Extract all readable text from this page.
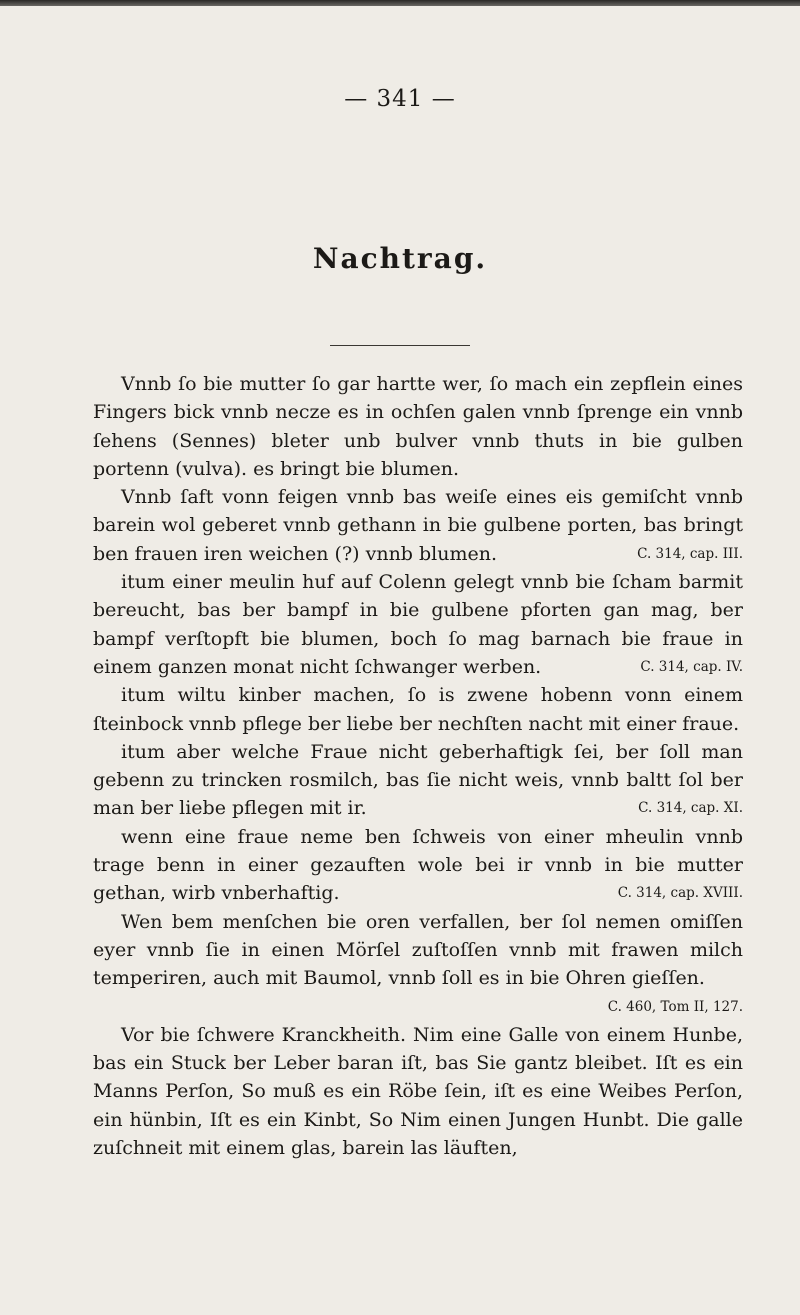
— 341 —
Nachtrag.

Vnnb ſo bie mutter ſo gar hartte wer, ſo mach ein zepflein eines Fingers bick vnnb necze es in ochſen galen vnnb ſprenge ein vnnb ſehens (Sennes) bleter unb bulver vnnb thuts in bie gulben portenn (vulva). es bringt bie blumen.

Vnnb ſaft vonn feigen vnnb bas weiſe eines eis gemiſcht vnnb barein wol geberet vnnb gethann in bie gulbene porten, bas bringt ben frauen iren weichen (?) vnnb blumen.	C. 314, cap. III.

itum einer meulin huf auf Colenn gelegt vnnb bie ſcham barmit bereucht, bas ber bampf in bie gulbene pforten gan mag, ber bampf verſtopft bie blumen, boch ſo mag barnach bie fraue in einem ganzen monat nicht ſchwanger werben.	C. 314, cap. IV.

itum wiltu kinber machen, ſo is zwene hobenn vonn einem ſteinbock vnnb pflege ber liebe ber nechſten nacht mit einer fraue.

itum aber welche Fraue nicht geberhaftigk ſei, ber ſoll man gebenn zu trincken rosmilch, bas ſie nicht weis, vnnb baltt ſol ber man ber liebe pflegen mit ir.	C. 314, cap. XI.

wenn eine fraue neme ben ſchweis von einer mheulin vnnb trage benn in einer gezauften wole bei ir vnnb in bie mutter gethan, wirb vnberhaftig.	C. 314, cap. XVIII.

Wen bem menſchen bie oren verfallen, ber ſol nemen omiſſen eyer vnnb ſie in einen Mörſel zuſtoſſen vnnb mit frawen milch temperiren, auch mit Baumol, vnnb ſoll es in bie Ohren gieſſen.

C. 460, Tom II, 127.

Vor bie ſchwere Kranckheith. Nim eine Galle von einem Hunbe, bas ein Stuck ber Leber baran iſt, bas Sie gantz bleibet. Iſt es ein Manns Perſon, So muß es ein Röbe ſein, iſt es eine Weibes Perſon, ein hünbin, Iſt es ein Kinbt, So Nim einen Jungen Hunbt. Die galle zuſchneit mit einem glas, barein las läuften,
